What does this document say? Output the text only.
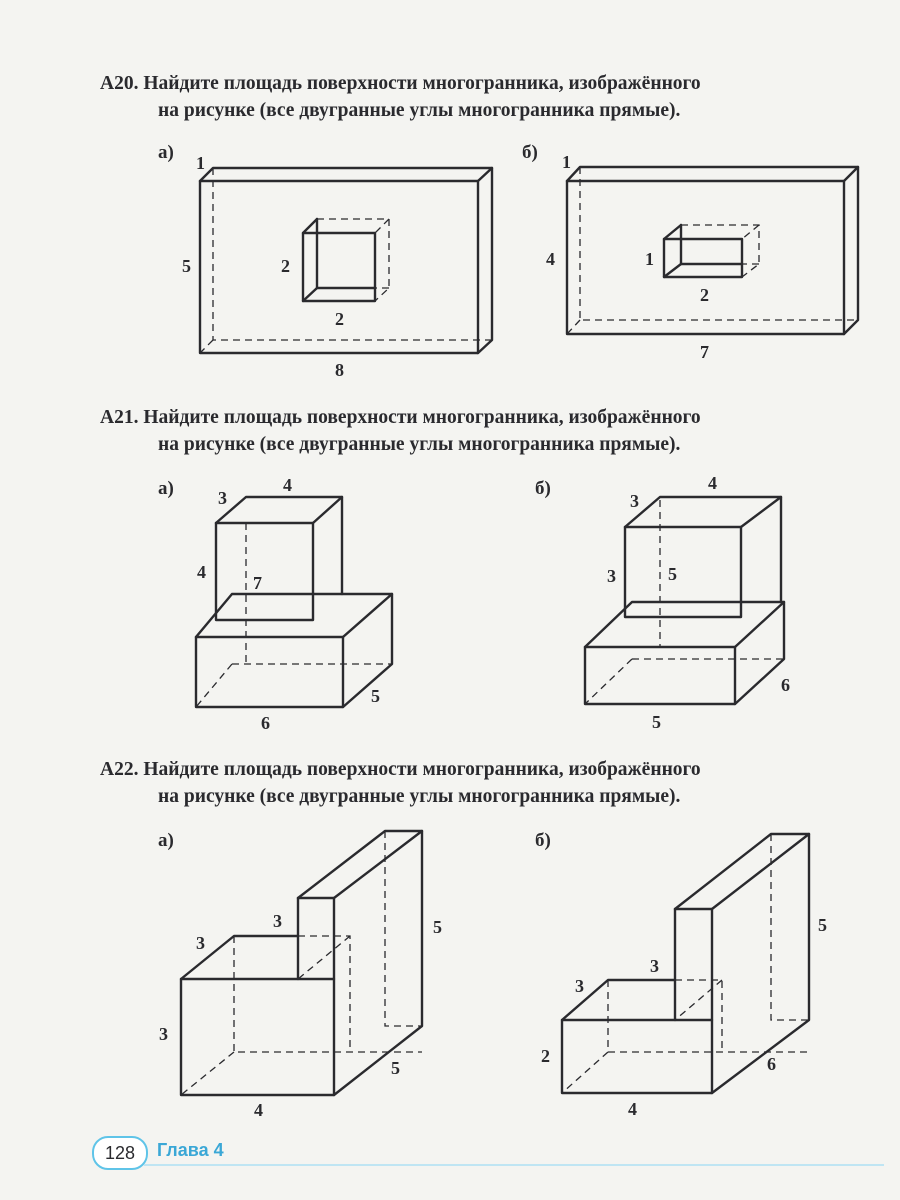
A20. Найдите площадь поверхности многогранника, изображённого
на рисунке (все двугранные углы многогранника прямые).
A21. Найдите площадь поверхности многогранника, изображённого
на рисунке (все двугранные углы многогранника прямые).
A22. Найдите площадь поверхности многогранника, изображённого
на рисунке (все двугранные углы многогранника прямые).
а)	б)
а)	б)
а)	б)
1
5
8
2
2
1
4
7
1
2
3
4
4
7
5
6
3
4
3	5
6
5
3
3
3
5
5
4
3
3
2
5
6
4
128	Глава 4
